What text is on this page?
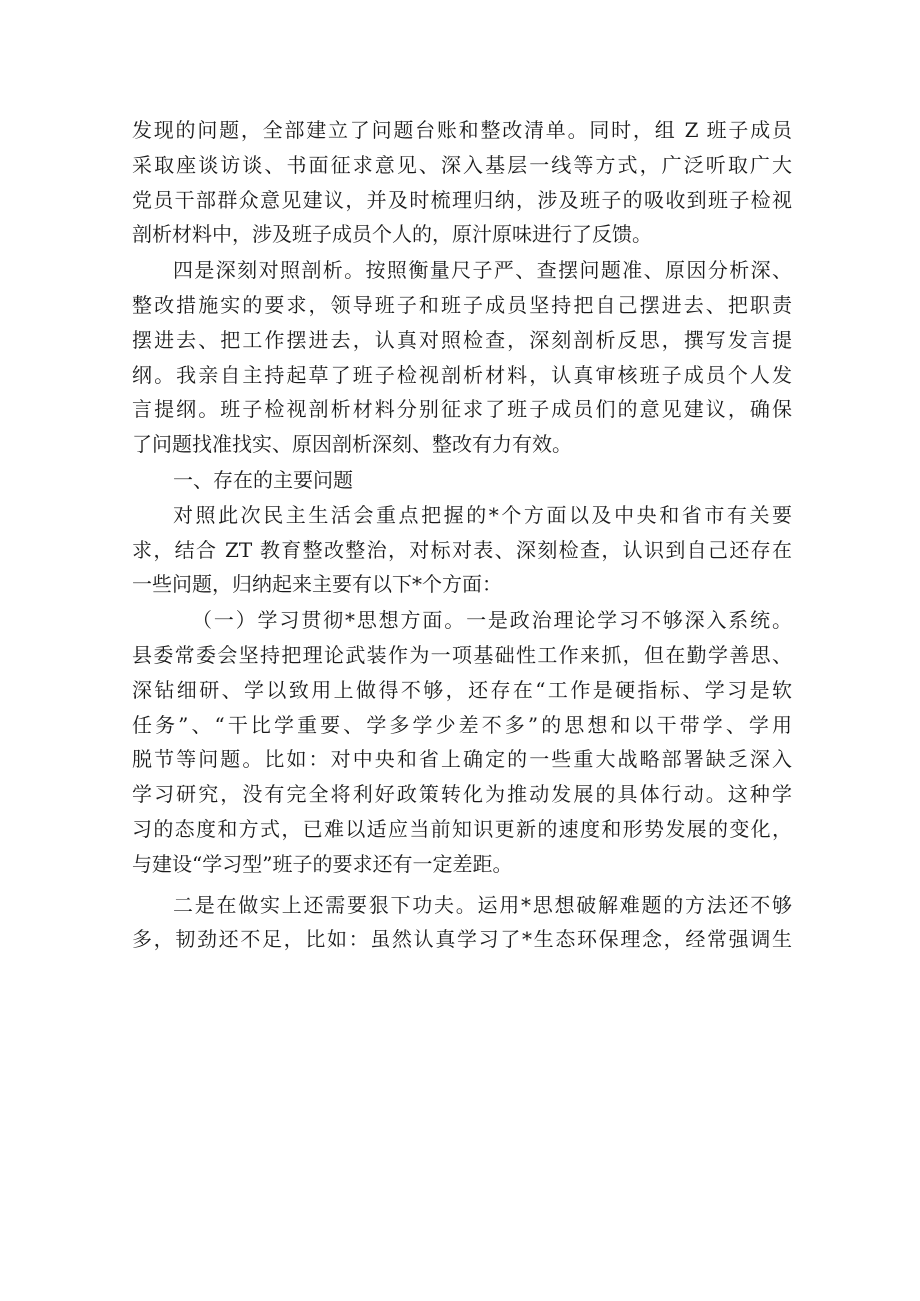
发现的问题，全部建立了问题台账和整改清单。同时，组 Z 班子成员
采取座谈访谈、书面征求意见、深入基层一线等方式，广泛听取广大
党员干部群众意见建议，并及时梳理归纳，涉及班子的吸收到班子检视
剖析材料中，涉及班子成员个人的，原汁原味进行了反馈。
四是深刻对照剖析。按照衡量尺子严、查摆问题准、原因分析深、
整改措施实的要求，领导班子和班子成员坚持把自己摆进去、把职责
摆进去、把工作摆进去，认真对照检查，深刻剖析反思，撰写发言提
纲。我亲自主持起草了班子检视剖析材料，认真审核班子成员个人发
言提纲。班子检视剖析材料分别征求了班子成员们的意见建议，确保
了问题找准找实、原因剖析深刻、整改有力有效。
一、存在的主要问题
对照此次民主生活会重点把握的*个方面以及中央和省市有关要
求，结合 ZT 教育整改整治，对标对表、深刻检查，认识到自己还存在
一些问题，归纳起来主要有以下*个方面：
（一）学习贯彻*思想方面。一是政治理论学习不够深入系统。
县委常委会坚持把理论武装作为一项基础性工作来抓，但在勤学善思、
深钻细研、学以致用上做得不够，还存在“工作是硬指标、学习是软
任务”、“干比学重要、学多学少差不多”的思想和以干带学、学用
脱节等问题。比如：对中央和省上确定的一些重大战略部署缺乏深入
学习研究，没有完全将利好政策转化为推动发展的具体行动。这种学
习的态度和方式，已难以适应当前知识更新的速度和形势发展的变化，
与建设“学习型”班子的要求还有一定差距。
二是在做实上还需要狠下功夫。运用*思想破解难题的方法还不够
多，韧劲还不足，比如：虽然认真学习了*生态环保理念，经常强调生
